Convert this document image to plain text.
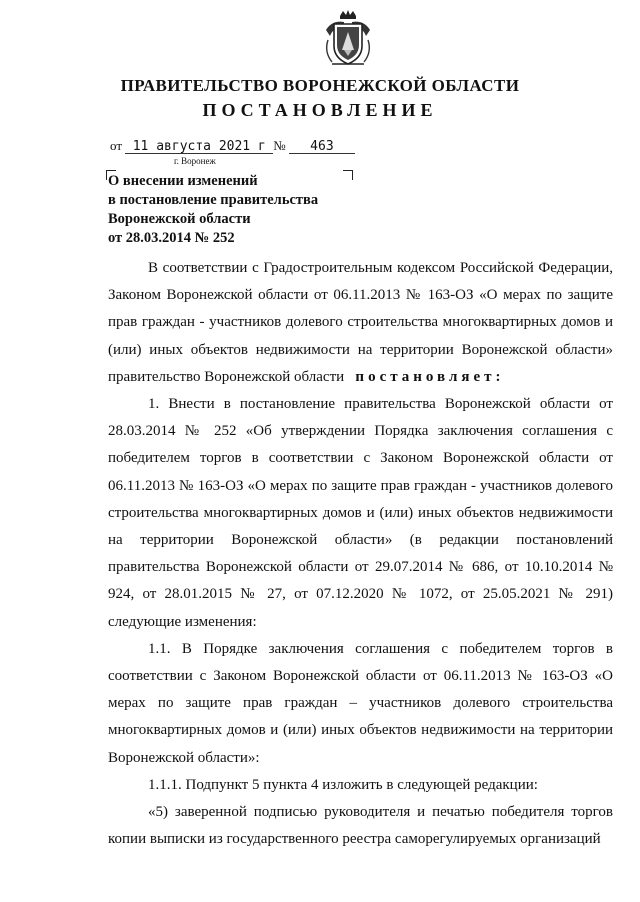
ПРАВИТЕЛЬСТВО ВОРОНЕЖСКОЙ ОБЛАСТИ
ПОСТАНОВЛЕНИЕ
от 11 августа 2021 г № 463
г. Воронеж
О внесении изменений
в постановление правительства
Воронежской области
от 28.03.2014 № 252

В соответствии с Градостроительным кодексом Российской Федерации, Законом Воронежской области от 06.11.2013 № 163-ОЗ «О мерах по защите прав граждан - участников долевого строительства многоквартирных домов и (или) иных объектов недвижимости на территории Воронежской области» правительство Воронежской области постановляет:

1. Внести в постановление правительства Воронежской области от 28.03.2014 № 252 «Об утверждении Порядка заключения соглашения с победителем торгов в соответствии с Законом Воронежской области от 06.11.2013 № 163-ОЗ «О мерах по защите прав граждан - участников долевого строительства многоквартирных домов и (или) иных объектов недвижимости на территории Воронежской области» (в редакции постановлений правительства Воронежской области от 29.07.2014 № 686, от 10.10.2014 № 924, от 28.01.2015 № 27, от 07.12.2020 № 1072, от 25.05.2021 № 291) следующие изменения:

1.1. В Порядке заключения соглашения с победителем торгов в соответствии с Законом Воронежской области от 06.11.2013 № 163-ОЗ «О мерах по защите прав граждан – участников долевого строительства многоквартирных домов и (или) иных объектов недвижимости на территории Воронежской области»:

1.1.1. Подпункт 5 пункта 4 изложить в следующей редакции:

«5) заверенной подписью руководителя и печатью победителя торгов копии выписки из государственного реестра саморегулируемых организаций
